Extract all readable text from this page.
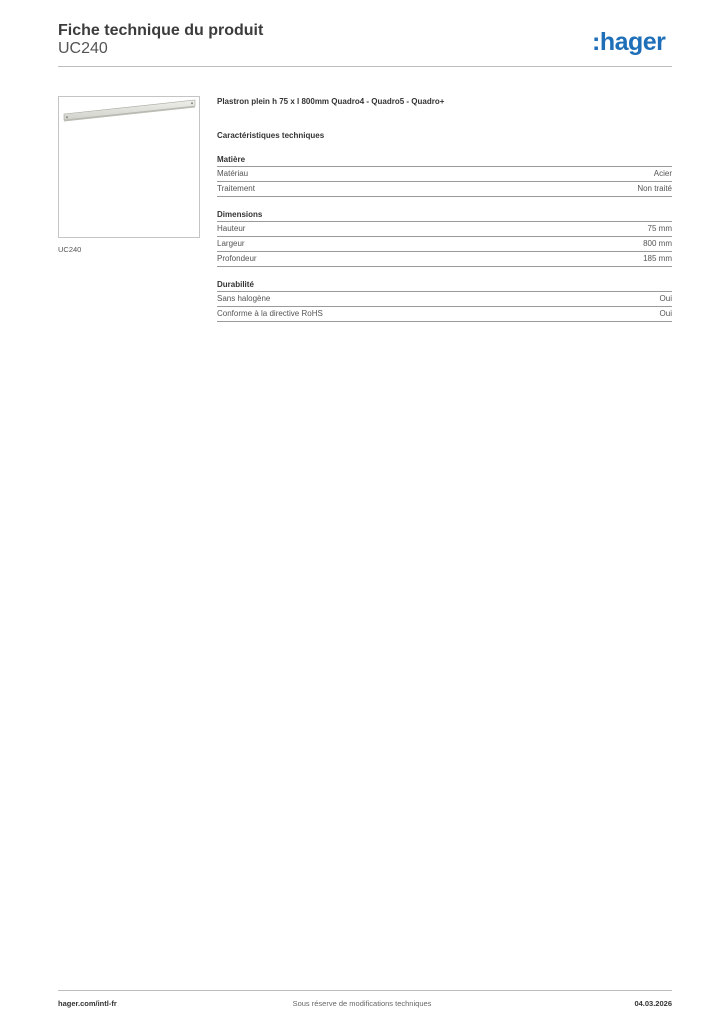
Fiche technique du produit
UC240	:hager
UC240
Plastron plein h 75 x l 800mm Quadro4 - Quadro5 - Quadro+
Caractéristiques techniques
Matière
Matériau	Acier
Traitement	Non traité
Dimensions
Hauteur	75 mm
Largeur	800 mm
Profondeur	185 mm
Durabilité
Sans halogène	Oui
Conforme à la directive RoHS	Oui
hager.com/intl-fr	Sous réserve de modifications techniques	04.03.2026
